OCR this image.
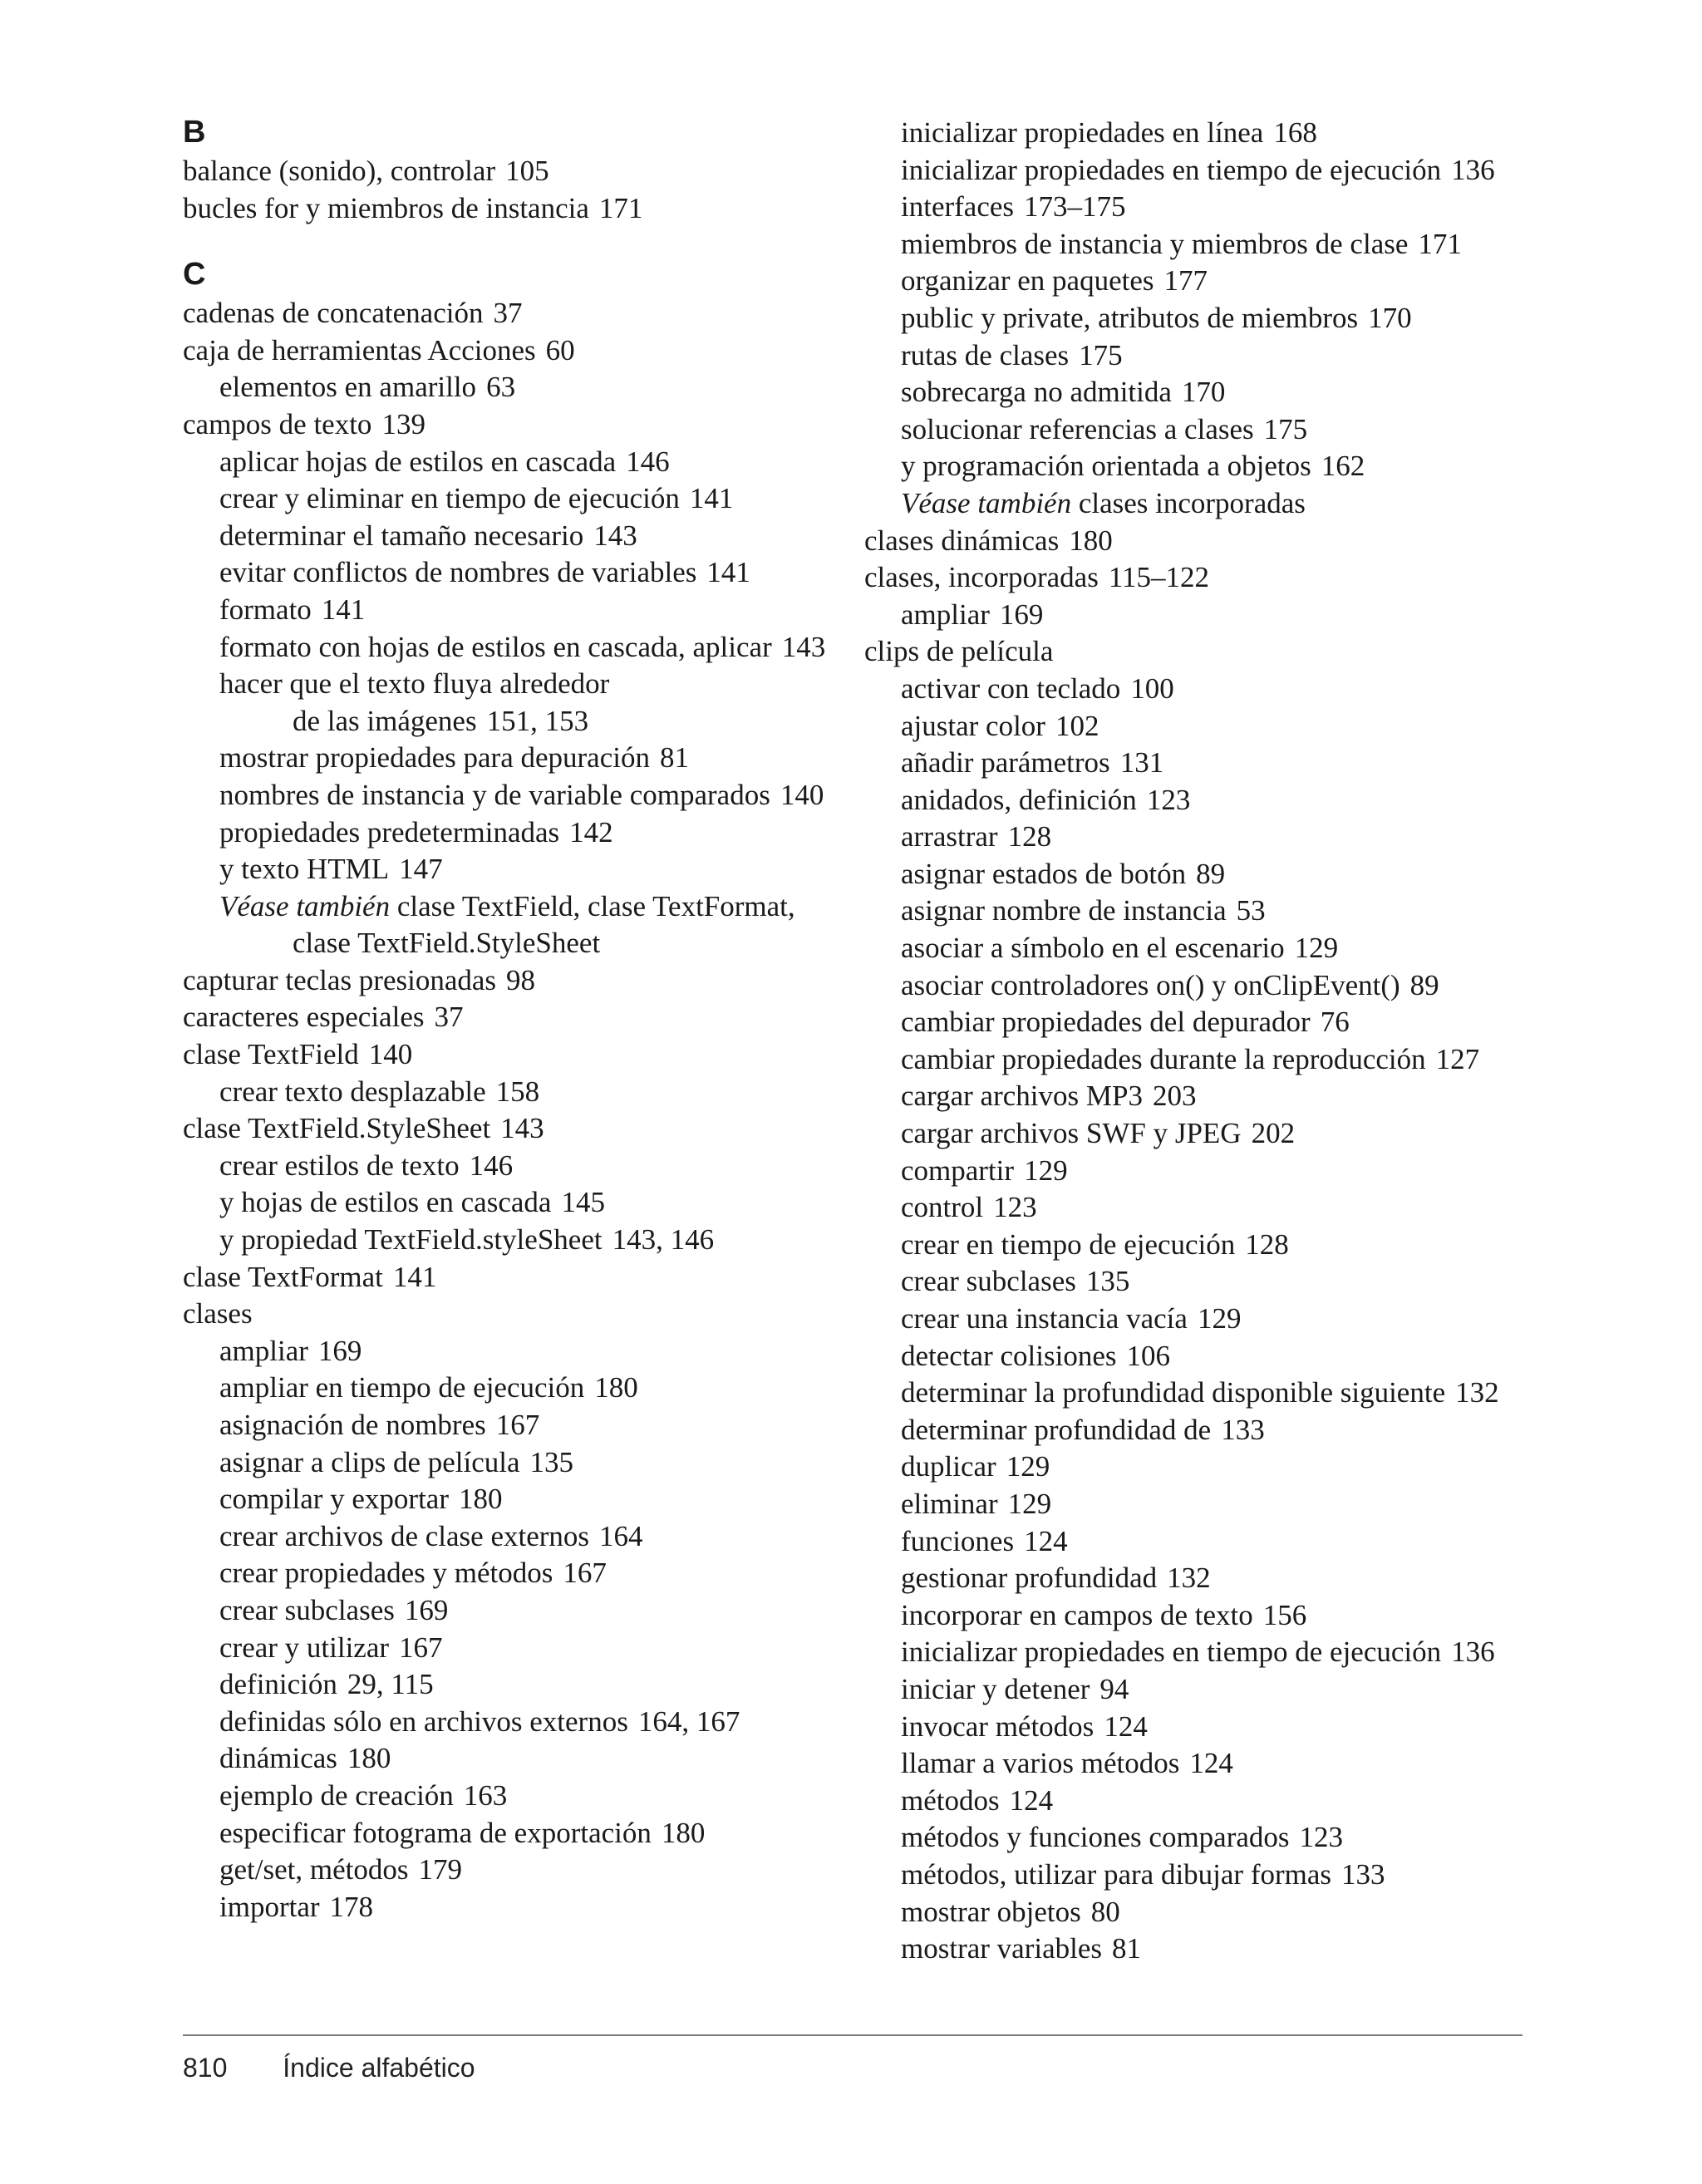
B
balance (sonido), controlar 105
bucles for y miembros de instancia 171
C
cadenas de concatenación 37
caja de herramientas Acciones 60
elementos en amarillo 63
campos de texto 139
aplicar hojas de estilos en cascada 146
crear y eliminar en tiempo de ejecución 141
determinar el tamaño necesario 143
evitar conflictos de nombres de variables 141
formato 141
formato con hojas de estilos en cascada, aplicar 143
hacer que el texto fluya alrededor
de las imágenes 151, 153
mostrar propiedades para depuración 81
nombres de instancia y de variable comparados 140
propiedades predeterminadas 142
y texto HTML 147
Véase también clase TextField, clase TextFormat,
clase TextField.StyleSheet
capturar teclas presionadas 98
caracteres especiales 37
clase TextField 140
crear texto desplazable 158
clase TextField.StyleSheet 143
crear estilos de texto 146
y hojas de estilos en cascada 145
y propiedad TextField.styleSheet 143, 146
clase TextFormat 141
clases
ampliar 169
ampliar en tiempo de ejecución 180
asignación de nombres 167
asignar a clips de película 135
compilar y exportar 180
crear archivos de clase externos 164
crear propiedades y métodos 167
crear subclases 169
crear y utilizar 167
definición 29, 115
definidas sólo en archivos externos 164, 167
dinámicas 180
ejemplo de creación 163
especificar fotograma de exportación 180
get/set, métodos 179
importar 178
inicializar propiedades en línea 168
inicializar propiedades en tiempo de ejecución 136
interfaces 173–175
miembros de instancia y miembros de clase 171
organizar en paquetes 177
public y private, atributos de miembros 170
rutas de clases 175
sobrecarga no admitida 170
solucionar referencias a clases 175
y programación orientada a objetos 162
Véase también clases incorporadas
clases dinámicas 180
clases, incorporadas 115–122
ampliar 169
clips de película
activar con teclado 100
ajustar color 102
añadir parámetros 131
anidados, definición 123
arrastrar 128
asignar estados de botón 89
asignar nombre de instancia 53
asociar a símbolo en el escenario 129
asociar controladores on() y onClipEvent() 89
cambiar propiedades del depurador 76
cambiar propiedades durante la reproducción 127
cargar archivos MP3 203
cargar archivos SWF y JPEG 202
compartir 129
control 123
crear en tiempo de ejecución 128
crear subclases 135
crear una instancia vacía 129
detectar colisiones 106
determinar la profundidad disponible siguiente 132
determinar profundidad de 133
duplicar 129
eliminar 129
funciones 124
gestionar profundidad 132
incorporar en campos de texto 156
inicializar propiedades en tiempo de ejecución 136
iniciar y detener 94
invocar métodos 124
llamar a varios métodos 124
métodos 124
métodos y funciones comparados 123
métodos, utilizar para dibujar formas 133
mostrar objetos 80
mostrar variables 81
810 Índice alfabético
